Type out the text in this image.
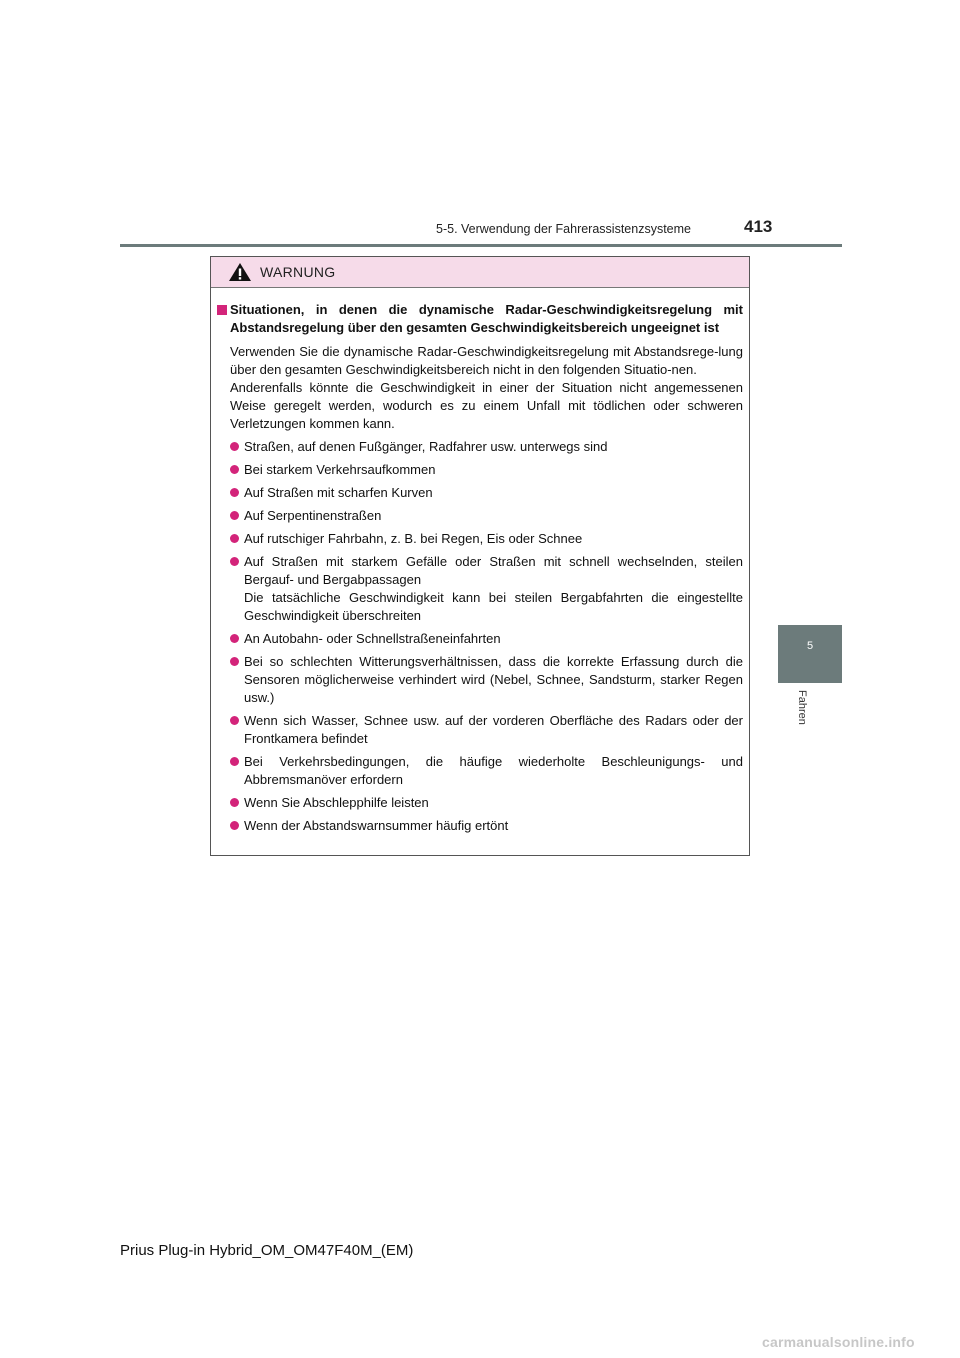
5-5. Verwendung der Fahrerassistenzsysteme	413
5
Fahren
WARNUNG
Situationen, in denen die dynamische Radar-Geschwindigkeitsregelung mit Abstandsregelung über den gesamten Geschwindigkeitsbereich ungeeignet ist
Verwenden Sie die dynamische Radar-Geschwindigkeitsregelung mit Abstandsrege-lung über den gesamten Geschwindigkeitsbereich nicht in den folgenden Situatio-nen.
Anderenfalls könnte die Geschwindigkeit in einer der Situation nicht angemessenen Weise geregelt werden, wodurch es zu einem Unfall mit tödlichen oder schweren Verletzungen kommen kann.
Straßen, auf denen Fußgänger, Radfahrer usw. unterwegs sind
Bei starkem Verkehrsaufkommen
Auf Straßen mit scharfen Kurven
Auf Serpentinenstraßen
Auf rutschiger Fahrbahn, z. B. bei Regen, Eis oder Schnee
Auf Straßen mit starkem Gefälle oder Straßen mit schnell wechselnden, steilen Bergauf- und Bergabpassagen
Die tatsächliche Geschwindigkeit kann bei steilen Bergabfahrten die eingestellte Geschwindigkeit überschreiten
An Autobahn- oder Schnellstraßeneinfahrten
Bei so schlechten Witterungsverhältnissen, dass die korrekte Erfassung durch die Sensoren möglicherweise verhindert wird (Nebel, Schnee, Sandsturm, starker Regen usw.)
Wenn sich Wasser, Schnee usw. auf der vorderen Oberfläche des Radars oder der Frontkamera befindet
Bei Verkehrsbedingungen, die häufige wiederholte Beschleunigungs- und Abbremsmanöver erfordern
Wenn Sie Abschlepphilfe leisten
Wenn der Abstandswarnsummer häufig ertönt
Prius Plug-in Hybrid_OM_OM47F40M_(EM)
carmanualsonline.info
